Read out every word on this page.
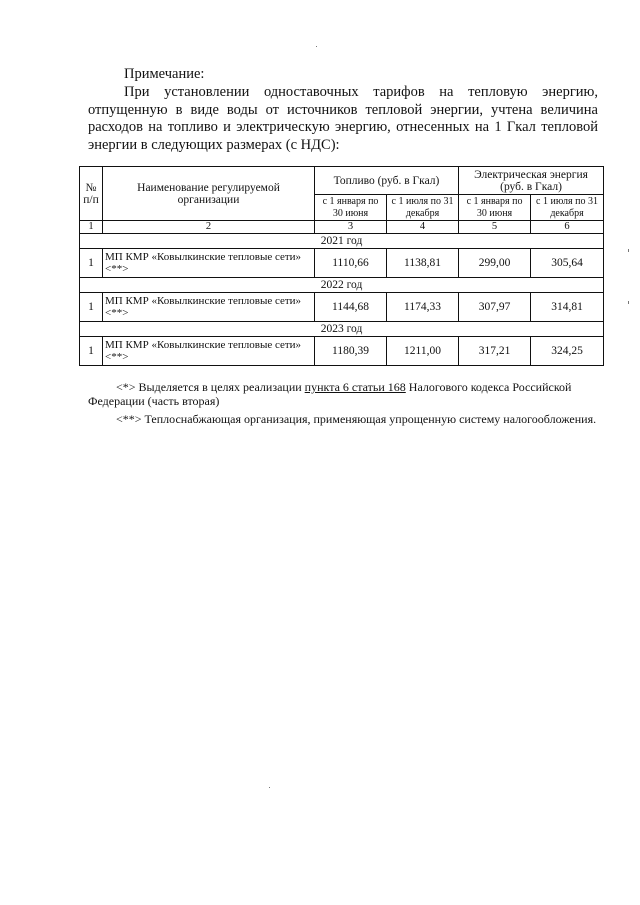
Примечание:
При установлении одноставочных тарифов на тепловую энергию, отпущенную в виде воды от источников тепловой энергии, учтена величина расходов на топливо и электрическую энергию, отнесенных на 1 Гкал тепловой энергии в следующих размерах (с НДС):
№ п/п	Наименование регулируемой организации	Топливо (руб. в Гкал)		Электрическая энергия (руб. в Гкал)	
		с 1 января по 30 июня	с 1 июля по 31 декабря	с 1 января по 30 июня	с 1 июля по 31 декабря
1	2	3	4	5	6
2021 год					
1	МП КМР «Ковылкинские тепловые сети» <**>	1110,66	1138,81	299,00	305,64
2022 год					
1	МП КМР «Ковылкинские тепловые сети» <**>	1144,68	1174,33	307,97	314,81
2023 год					
1	МП КМР «Ковылкинские тепловые сети» <**>	1180,39	1211,00	317,21	324,25
<*> Выделяется в целях реализации пункта 6 статьи 168 Налогового кодекса Российской Федерации (часть вторая)
<**> Теплоснабжающая организация, применяющая упрощенную систему налогообложения.
